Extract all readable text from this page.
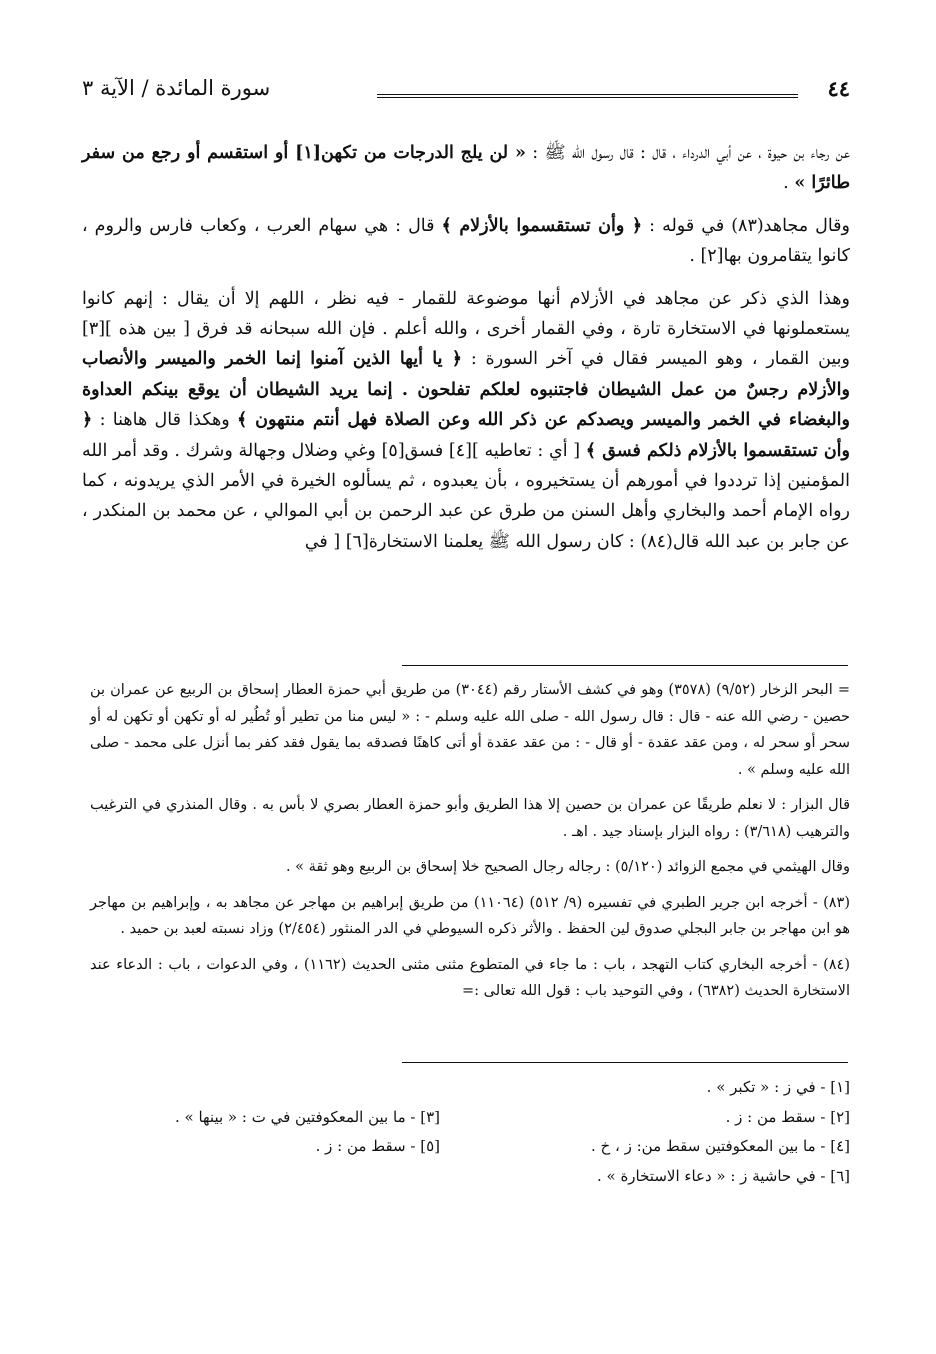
٤٤
سورة المائدة / الآية ٣

عن رجاء بن حيوة ، عن أبي الدرداء ، قال : قال رسول الله ﷺ : « لن يلج الدرجات من تكهن[١] أو استقسم أو رجع من سفر طائرًا » .

وقال مجاهد(٨٣) في قوله : ﴿ وأن تستقسموا بالأزلام ﴾ قال : هي سهام العرب ، وكعاب فارس والروم ، كانوا يتقامرون بها[٢] .

وهذا الذي ذكر عن مجاهد في الأزلام أنها موضوعة للقمار - فيه نظر ، اللهم إلا أن يقال : إنهم كانوا يستعملونها في الاستخارة تارة ، وفي القمار أخرى ، والله أعلم . فإن الله سبحانه قد فرق [ بين هذه ][٣] وبين القمار ، وهو الميسر فقال في آخر السورة : ﴿ يا أيها الذين آمنوا إنما الخمر والميسر والأنصاب والأزلام رجسٌ من عمل الشيطان فاجتنبوه لعلكم تفلحون . إنما يريد الشيطان أن يوقع بينكم العداوة والبغضاء في الخمر والميسر ويصدكم عن ذكر الله وعن الصلاة فهل أنتم منتهون ﴾ وهكذا قال هاهنا : ﴿ وأن تستقسموا بالأزلام ذلكم فسق ﴾ [ أي : تعاطيه ][٤] فسق[٥] وغي وضلال وجهالة وشرك . وقد أمر الله المؤمنين إذا ترددوا في أمورهم أن يستخيروه ، بأن يعبدوه ، ثم يسألوه الخيرة في الأمر الذي يريدونه ، كما رواه الإمام أحمد والبخاري وأهل السنن من طرق عن عبد الرحمن بن أبي الموالي ، عن محمد بن المنكدر ، عن جابر بن عبد الله قال(٨٤) : كان رسول الله ﷺ يعلمنا الاستخارة[٦] [ في

= البحر الزخار (٩/٥٢) (٣٥٧٨) وهو في كشف الأستار رقم (٣٠٤٤) من طريق أبي حمزة العطار إسحاق بن الربيع عن عمران بن حصين - رضي الله عنه - قال : قال رسول الله - صلى الله عليه وسلم - : « ليس منا من تطير أو تُطُير له أو تكهن أو تكهن له أو سحر أو سحر له ، ومن عقد عقدة - أو قال - : من عقد عقدة أو أتى كاهنًا فصدقه بما يقول فقد كفر بما أنزل على محمد - صلى الله عليه وسلم » .

قال البزار : لا نعلم طريقًا عن عمران بن حصين إلا هذا الطريق وأبو حمزة العطار بصري لا بأس به . وقال المنذري في الترغيب والترهيب (٣/٦١٨) : رواه البزار بإسناد جيد . اهـ .

وقال الهيثمي في مجمع الزوائد (٥/١٢٠) : رجاله رجال الصحيح خلا إسحاق بن الربيع وهو ثقة » .

(٨٣) - أخرجه ابن جرير الطبري في تفسيره (٩/ ٥١٢) (١١٠٦٤) من طريق إبراهيم بن مهاجر عن مجاهد به ، وإبراهيم بن مهاجر هو ابن مهاجر بن جابر البجلي صدوق لين الحفظ . والأثر ذكره السيوطي في الدر المنثور (٢/٤٥٤) وزاد نسبته لعبد بن حميد .

(٨٤) - أخرجه البخاري كتاب التهجد ، باب : ما جاء في المتطوع مثنى مثنى الحديث (١١٦٢) ، وفي الدعوات ، باب : الدعاء عند الاستخارة الحديث (٦٣٨٢) ، وفي التوحيد باب : قول الله تعالى :=

[١] - في ز : « تكبر » .
[٢] - سقط من : ز .
[٣] - ما بين المعكوفتين في ت : « بينها » .
[٤] - ما بين المعكوفتين سقط من: ز ، خ .
[٥] - سقط من : ز .
[٦] - في حاشية ز : « دعاء الاستخارة » .
